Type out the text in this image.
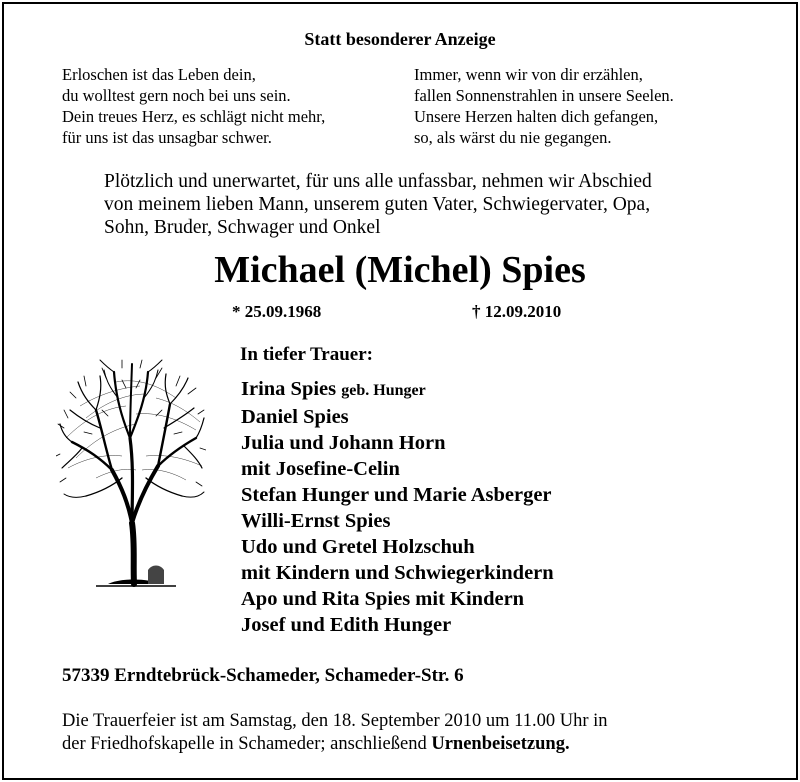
Statt besonderer Anzeige
Erloschen ist das Leben dein,
du wolltest gern noch bei uns sein.
Dein treues Herz, es schlägt nicht mehr,
für uns ist das unsagbar schwer.
Immer, wenn wir von dir erzählen,
fallen Sonnenstrahlen in unsere Seelen.
Unsere Herzen halten dich gefangen,
so, als wärst du nie gegangen.
Plötzlich und unerwartet, für uns alle unfassbar, nehmen wir Abschied
von meinem lieben Mann, unserem guten Vater, Schwiegervater, Opa,
Sohn, Bruder, Schwager und Onkel
Michael (Michel) Spies
* 25.09.1968	† 12.09.2010
In tiefer Trauer:
Irina Spies geb. Hunger
Daniel Spies
Julia und Johann Horn
mit Josefine-Celin
Stefan Hunger und Marie Asberger
Willi-Ernst Spies
Udo und Gretel Holzschuh
mit Kindern und Schwiegerkindern
Apo und Rita Spies mit Kindern
Josef und Edith Hunger
57339 Erndtebrück-Schameder, Schameder-Str. 6
Die Trauerfeier ist am Samstag, den 18. September 2010 um 11.00 Uhr in
der Friedhofskapelle in Schameder; anschließend Urnenbeisetzung.
